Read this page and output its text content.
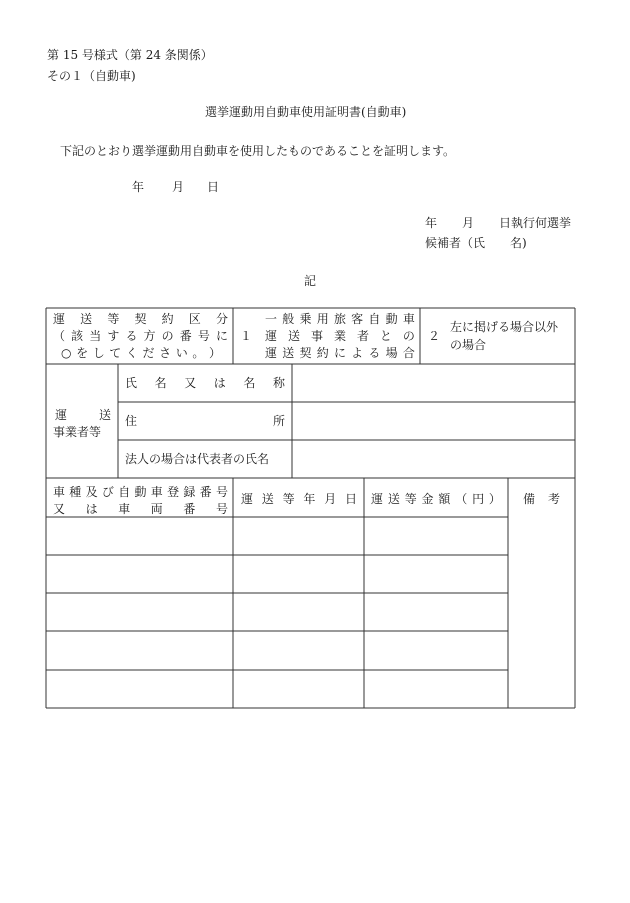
第 15 号様式（第 24 条関係）
その１（自動車)
選挙運動用自動車使用証明書(自動車)
下記のとおり選挙運動用自動車を使用したものであることを証明します。
年 月 日
年 月 日執行何選挙
候補者（氏 名)
記
運 送 等 契 約 区 分
（ 該 当 す る 方 の 番 号 に
○ を し て く だ さ い 。 ）
１
一 般 乗 用 旅 客 自 動 車
運 送 事 業 者 と の
運 送 契 約 に よ る 場 合
２
左に掲げる場合以外
の場合
運	送
事業者等
氏 名 又 は 名 称
住	所
法人の場合は代表者の氏名
車 種 及 び 自 動 車 登 録 番 号
又 は 車 両 番 号
運 送 等 年 月 日 運 送 等 金 額 （ 円 ） 備 考
